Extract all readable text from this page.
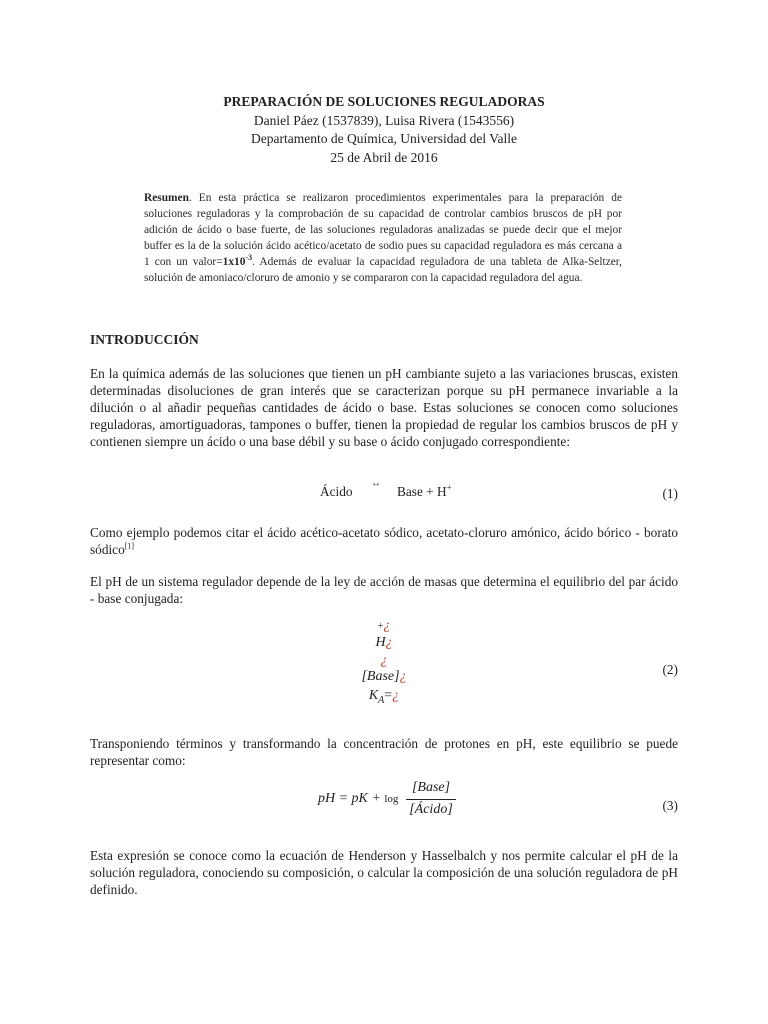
PREPARACIÓN DE SOLUCIONES REGULADORAS
Daniel Páez (1537839), Luisa Rivera (1543556)
Departamento de Química, Universidad del Valle
25 de Abril de 2016
Resumen. En esta práctica se realizaron procedimientos experimentales para la preparación de soluciones reguladoras y la comprobación de su capacidad de controlar cambios bruscos de pH por adición de ácido o base fuerte, de las soluciones reguladoras analizadas se puede decir que el mejor buffer es la de la solución ácido acético/acetato de sodio pues su capacidad reguladora es más cercana a 1 con un $valor=1x10^{-3}$. Además de evaluar la capacidad reguladora de una tableta de Alka-Seltzer, solución de amoniaco/cloruro de amonio y se compararon con la capacidad reguladora del agua.
INTRODUCCIÓN
En la química además de las soluciones que tienen un pH cambiante sujeto a las variaciones bruscas, existen determinadas disoluciones de gran interés que se caracterizan porque su pH permanece invariable a la dilución o al añadir pequeñas cantidades de ácido o base. Estas soluciones se conocen como soluciones reguladoras, amortiguadoras, tampones o buffer, tienen la propiedad de regular los cambios bruscos de pH y contienen siempre un ácido o una base débil y su base o ácido conjugado correspondiente:
Ácido
↔
Base + H+	(1)
Como ejemplo podemos citar el ácido acético-acetato sódico, acetato-cloruro amónico, ácido bórico - borato sódico[1]
El pH de un sistema regulador depende de la ley de acción de masas que determina el equilibrio del par ácido - base conjugada:
+¿
H¿
¿
[Base]¿
$K_A=¿$
(2)
Transponiendo términos y transformando la concentración de protones en pH, este equilibrio se puede representar como:
pH = pK + log
[Base]
[Ácido]	(3)
Esta expresión se conoce como la ecuación de Henderson y Hasselbalch y nos permite calcular el pH de la solución reguladora, conociendo su composición, o calcular la composición de una solución reguladora de pH definido.
